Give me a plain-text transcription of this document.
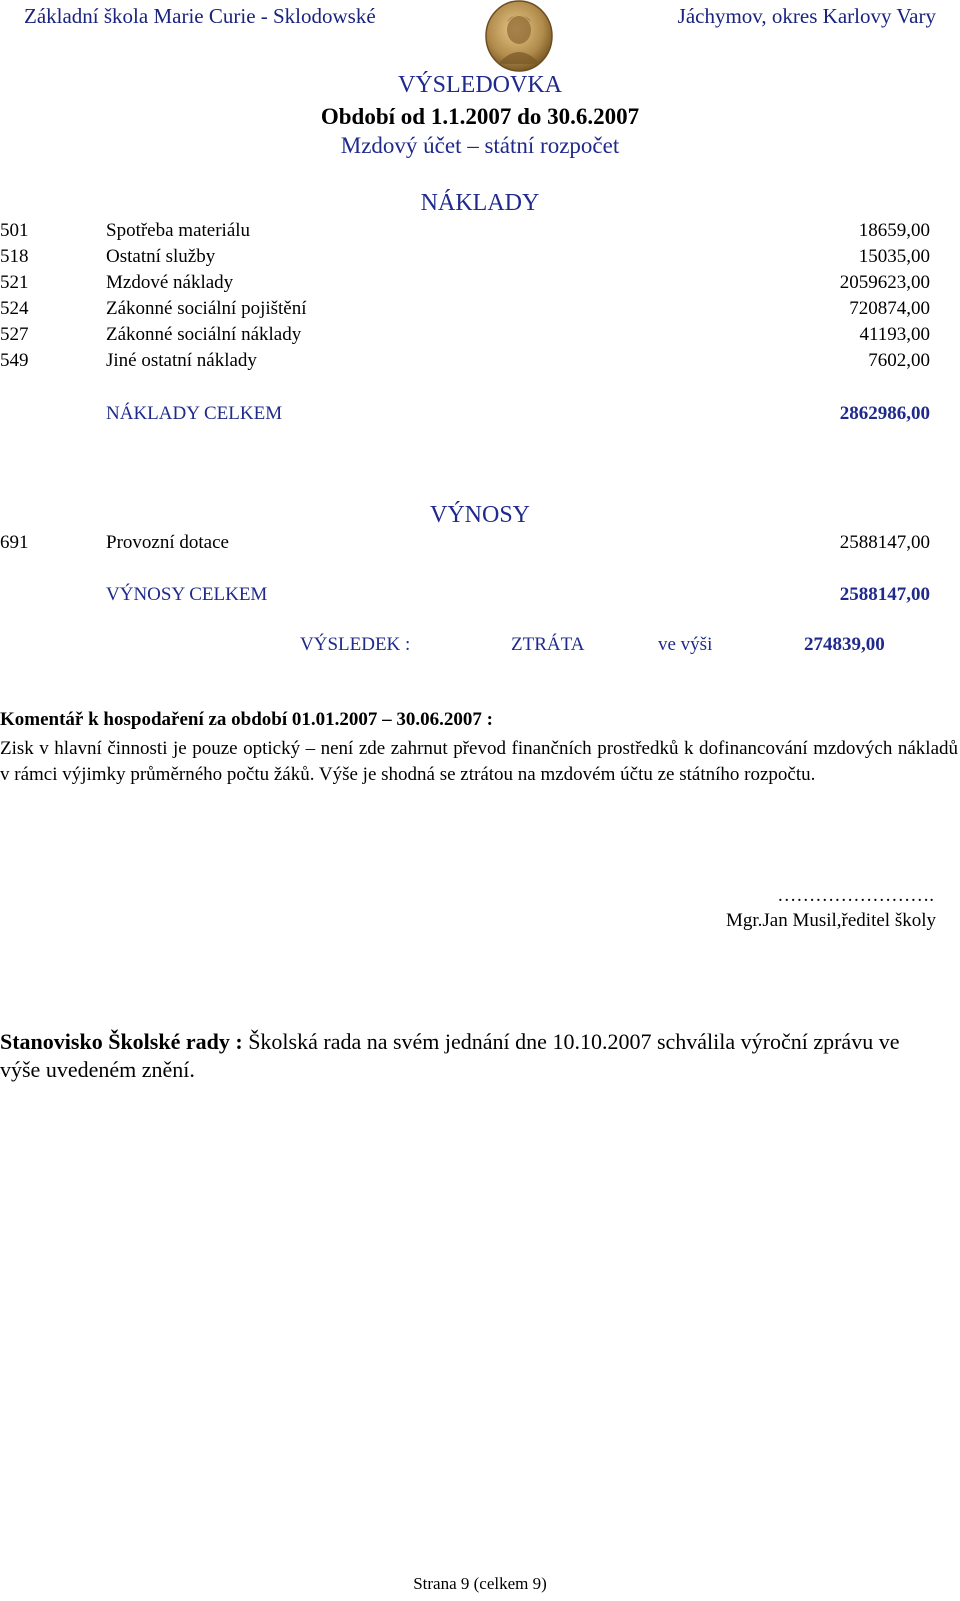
Základní škola Marie Curie - Sklodowské	Jáchymov, okres Karlovy Vary
VÝSLEDOVKA
Období od 1.1.2007 do 30.6.2007
Mzdový účet – státní rozpočet
NÁKLADY
501	Spotřeba materiálu	18659,00
518	Ostatní služby	15035,00
521	Mzdové náklady	2059623,00
524	Zákonné sociální pojištění	720874,00
527	Zákonné sociální náklady	41193,00
549	Jiné ostatní náklady	7602,00
NÁKLADY CELKEM	2862986,00
VÝNOSY
691	Provozní dotace	2588147,00
VÝNOSY CELKEM	2588147,00
VÝSLEDEK :	ZTRÁTA	ve výši	274839,00
Komentář k hospodaření za období 01.01.2007 – 30.06.2007 :
Zisk v hlavní činnosti je pouze optický – není zde zahrnut převod finančních prostředků k dofinancování mzdových nákladů v rámci výjimky průměrného počtu žáků. Výše je shodná se ztrátou na mzdovém účtu ze státního rozpočtu.
…………………….
Mgr.Jan Musil,ředitel školy
Stanovisko Školské rady : Školská rada na svém jednání dne 10.10.2007 schválila výroční zprávu ve výše uvedeném znění.
Strana 9 (celkem 9)
